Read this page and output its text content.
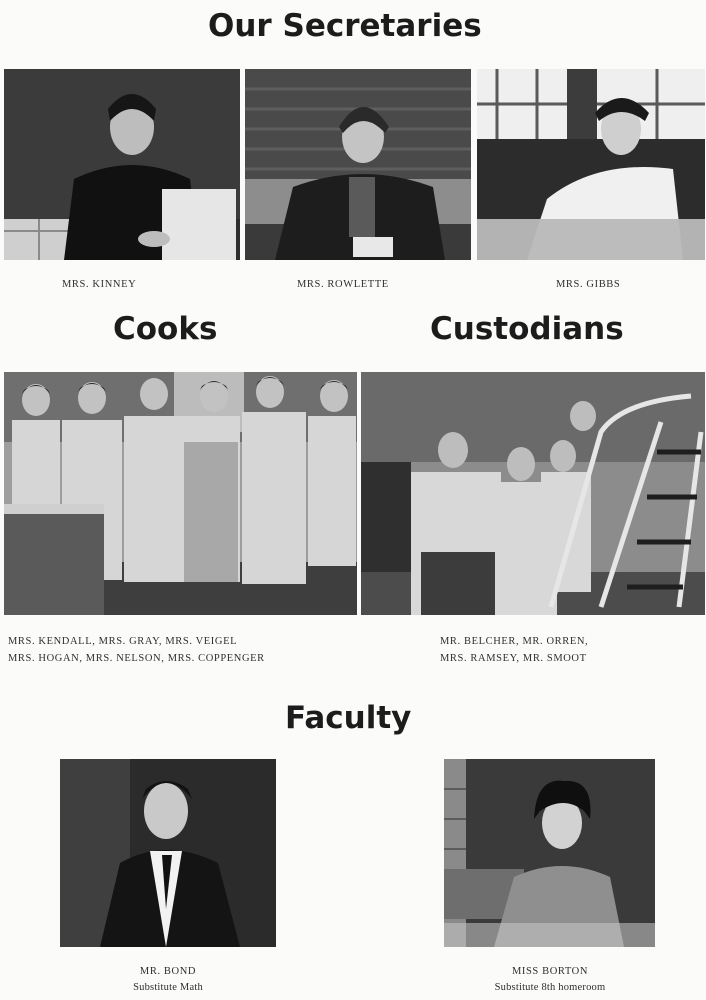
Our Secretaries
Cooks	Custodians
Faculty

MRS. KINNEY	MRS. ROWLETTE	MRS. GIBBS

MRS. KENDALL, MRS. GRAY, MRS. VEIGEL

MRS. HOGAN, MRS. NELSON, MRS. COPPENGER

MR. BELCHER, MR. ORREN,

MRS. RAMSEY, MR. SMOOT

MR. BOND

Substitute Math

MISS BORTON

Substitute 8th homeroom
